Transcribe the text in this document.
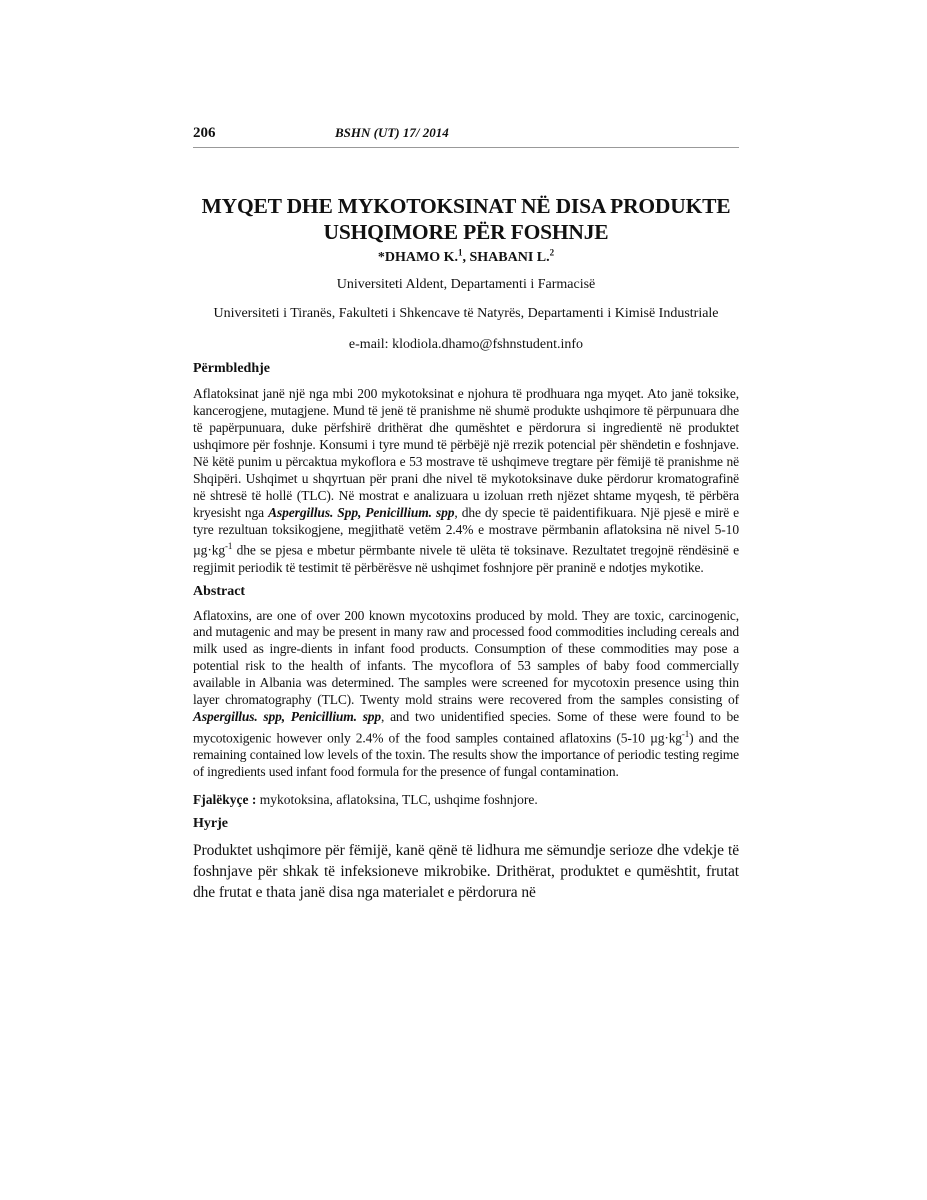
206	BSHN (UT) 17/ 2014
MYQET DHE MYKOTOKSINAT NË DISA PRODUKTE
USHQIMORE PËR FOSHNJE

*DHAMO K.$^1$, SHABANI L.$^2$

Universiteti Aldent, Departamenti i Farmacisë

Universiteti i Tiranës, Fakulteti i Shkencave të Natyrës, Departamenti i Kimisë Industriale

e-mail: klodiola.dhamo@fshnstudent.info

Përmbledhje

Aflatoksinat janë një nga mbi 200 mykotoksinat e njohura të prodhuara nga myqet. Ato janë toksike, kancerogjene, mutagjene. Mund të jenë të pranishme në shumë produkte ushqimore të përpunuara dhe të papërpunuara, duke përfshirë drithërat dhe qumështet e përdorura si ingredientë në produktet ushqimore për foshnje. Konsumi i tyre mund të përbëjë një rrezik potencial për shëndetin e foshnjave. Në këtë punim u përcaktua mykoflora e 53 mostrave të ushqimeve tregtare për fëmijë të pranishme në Shqipëri. Ushqimet u shqyrtuan për prani dhe nivel të mykotoksinave duke përdorur kromatografinë në shtresë të hollë (TLC). Në mostrat e analizuara u izoluan rreth njëzet shtame myqesh, të përbëra kryesisht nga Aspergillus. Spp, Penicillium. spp, dhe dy specie të paidentifikuara. Një pjesë e mirë e tyre rezultuan toksikogjene, megjithatë vetëm 2.4% e mostrave përmbanin aflatoksina në nivel 5-10 $\mu g\cdot kg^{-1}$ dhe se pjesa e mbetur përmbante nivele të ulëta të toksinave. Rezultatet tregojnë rëndësinë e regjimit periodik të testimit të përbërësve në ushqimet foshnjore për praninë e ndotjes mykotike.

Abstract

Aflatoxins, are one of over 200 known mycotoxins produced by mold. They are toxic, carcinogenic, and mutagenic and may be present in many raw and processed food commodities including cereals and milk used as ingre-dients in infant food products. Consumption of these commodities may pose a potential risk to the health of infants. The mycoflora of 53 samples of baby food commercially available in Albania was determined. The samples were screened for mycotoxin presence using thin layer chromatography (TLC). Twenty mold strains were recovered from the samples consisting of Aspergillus. spp, Penicillium. spp, and two unidentified species. Some of these were found to be mycotoxigenic however only 2.4% of the food samples contained aflatoxins (5-10 $\mu g\cdot kg^{-1}$) and the remaining contained low levels of the toxin. The results show the importance of periodic testing regime of ingredients used infant food formula for the presence of fungal contamination.

Fjalëkyçe : mykotoksina, aflatoksina, TLC, ushqime foshnjore.

Hyrje

Produktet ushqimore për fëmijë, kanë qënë të lidhura me sëmundje serioze dhe vdekje të foshnjave për shkak të infeksioneve mikrobike. Drithërat, produktet e qumështit, frutat dhe frutat e thata janë disa nga materialet e përdorura në
